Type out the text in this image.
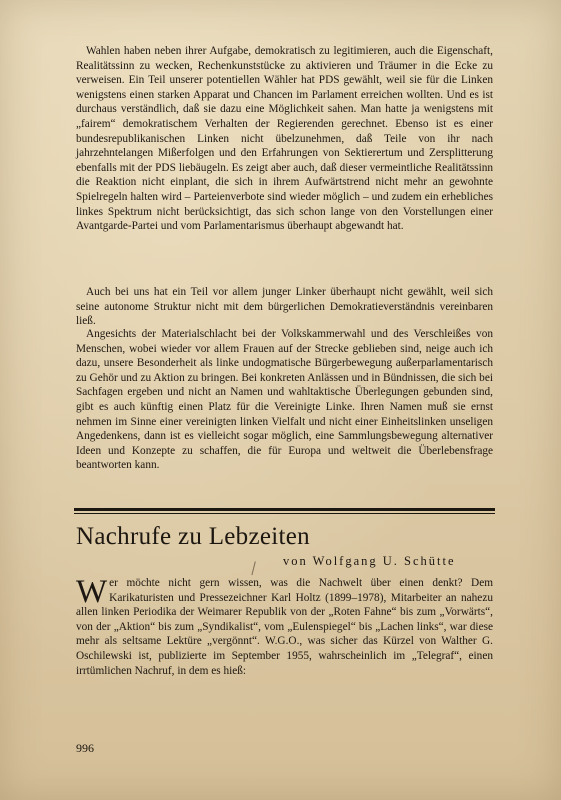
Wahlen haben neben ihrer Aufgabe, demokratisch zu legitimieren, auch die Eigenschaft, Realitätssinn zu wecken, Rechenkunststücke zu aktivieren und Träumer in die Ecke zu verweisen. Ein Teil unserer potentiellen Wähler hat PDS gewählt, weil sie für die Linken wenigstens einen starken Apparat und Chancen im Parlament erreichen wollten. Und es ist durchaus verständlich, daß sie dazu eine Möglichkeit sahen. Man hatte ja wenigstens mit „fairem“ demokratischem Verhalten der Regierenden gerechnet. Ebenso ist es einer bundesrepublikanischen Linken nicht übelzunehmen, daß Teile von ihr nach jahrzehntelangen Mißerfolgen und den Erfahrungen von Sektierertum und Zersplitterung ebenfalls mit der PDS liebäugeln. Es zeigt aber auch, daß dieser vermeintliche Realitätssinn die Reaktion nicht einplant, die sich in ihrem Aufwärtstrend nicht mehr an gewohnte Spielregeln halten wird – Parteienverbote sind wieder möglich – und zudem ein erhebliches linkes Spektrum nicht berücksichtigt, das sich schon lange von den Vorstellungen einer Avantgarde-Partei und vom Parlamentarismus überhaupt abgewandt hat.

Auch bei uns hat ein Teil vor allem junger Linker überhaupt nicht gewählt, weil sich seine autonome Struktur nicht mit dem bürgerlichen Demokratieverständnis vereinbaren ließ.

Angesichts der Materialschlacht bei der Volkskammerwahl und des Verschleißes von Menschen, wobei wieder vor allem Frauen auf der Strecke geblieben sind, neige auch ich dazu, unsere Besonderheit als linke undogmatische Bürgerbewegung außerparlamentarisch zu Gehör und zu Aktion zu bringen. Bei konkreten Anlässen und in Bündnissen, die sich bei Sachfagen ergeben und nicht an Namen und wahltaktische Überlegungen gebunden sind, gibt es auch künftig einen Platz für die Vereinigte Linke. Ihren Namen muß sie ernst nehmen im Sinne einer vereinigten linken Vielfalt und nicht einer Einheitslinken unseligen Angedenkens, dann ist es vielleicht sogar möglich, eine Sammlungsbewegung alternativer Ideen und Konzepte zu schaffen, die für Europa und weltweit die Überlebensfrage beantworten kann.

Nachrufe zu Lebzeiten
von Wolfgang U. Schütte
W er möchte nicht gern wissen, was die Nachwelt über einen denkt? Dem Karikaturisten und Pressezeichner Karl Holtz (1899–1978), Mitarbeiter an nahezu allen linken Periodika der Weimarer Republik von der „Roten Fahne“ bis zum „Vorwärts“, von der „Aktion“ bis zum „Syndikalist“, vom „Eulenspiegel“ bis „Lachen links“, war diese mehr als seltsame Lektüre „vergönnt“. W.G.O., was sicher das Kürzel von Walther G. Oschilewski ist, publizierte im September 1955, wahrscheinlich im „Telegraf“, einen irrtümlichen Nachruf, in dem es hieß:

996
